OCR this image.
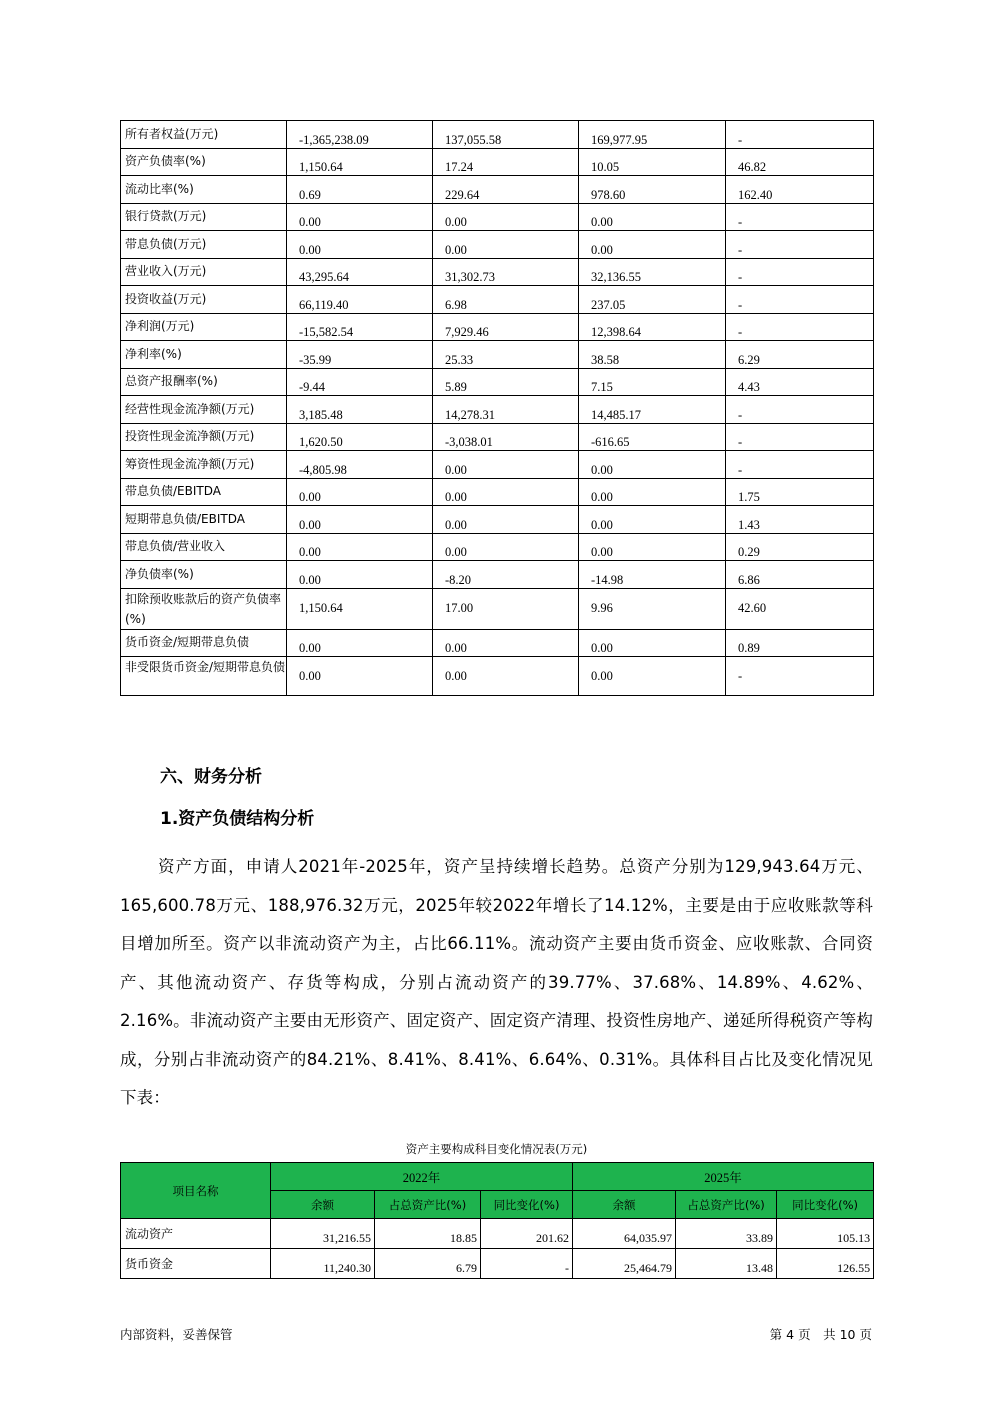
所有者权益(万元)	-1,365,238.09	137,055.58	169,977.95	-
资产负债率(%)	1,150.64	17.24	10.05	46.82
流动比率(%)	0.69	229.64	978.60	162.40
银行贷款(万元)	0.00	0.00	0.00	-
带息负债(万元)	0.00	0.00	0.00	-
营业收入(万元)	43,295.64	31,302.73	32,136.55	-
投资收益(万元)	66,119.40	6.98	237.05	-
净利润(万元)	-15,582.54	7,929.46	12,398.64	-
净利率(%)	-35.99	25.33	38.58	6.29
总资产报酬率(%)	-9.44	5.89	7.15	4.43
经营性现金流净额(万元)	3,185.48	14,278.31	14,485.17	-
投资性现金流净额(万元)	1,620.50	-3,038.01	-616.65	-
筹资性现金流净额(万元)	-4,805.98	0.00	0.00	-
带息负债/EBITDA	0.00	0.00	0.00	1.75
短期带息负债/EBITDA	0.00	0.00	0.00	1.43
带息负债/营业收入	0.00	0.00	0.00	0.29
净负债率(%)	0.00	-8.20	-14.98	6.86
扣除预收账款后的资产负债率(%)	1,150.64	17.00	9.96	42.60
货币资金/短期带息负债	0.00	0.00	0.00	0.89
非受限货币资金/短期带息负债	0.00	0.00	0.00	-
六、财务分析
1.资产负债结构分析
资产方面，申请人2021年-2025年，资产呈持续增长趋势。总资产分别为129,943.64万元、165,600.78万元、188,976.32万元，2025年较2022年增长了14.12%，主要是由于应收账款等科目增加所至。资产以非流动资产为主，占比66.11%。流动资产主要由货币资金、应收账款、合同资产、其他流动资产、存货等构成，分别占流动资产的39.77%、37.68%、14.89%、4.62%、2.16%。非流动资产主要由无形资产、固定资产、固定资产清理、投资性房地产、递延所得税资产等构成，分别占非流动资产的84.21%、8.41%、8.41%、6.64%、0.31%。具体科目占比及变化情况见下表：
资产主要构成科目变化情况表(万元)
项目名称	2022年			2025年		
	余额	占总资产比(%)	同比变化(%)	余额	占总资产比(%)	同比变化(%)
流动资产	31,216.55	18.85	201.62	64,035.97	33.89	105.13
货币资金	11,240.30	6.79	-	25,464.79	13.48	126.55
内部资料，妥善保管	第 4 页　共 10 页
